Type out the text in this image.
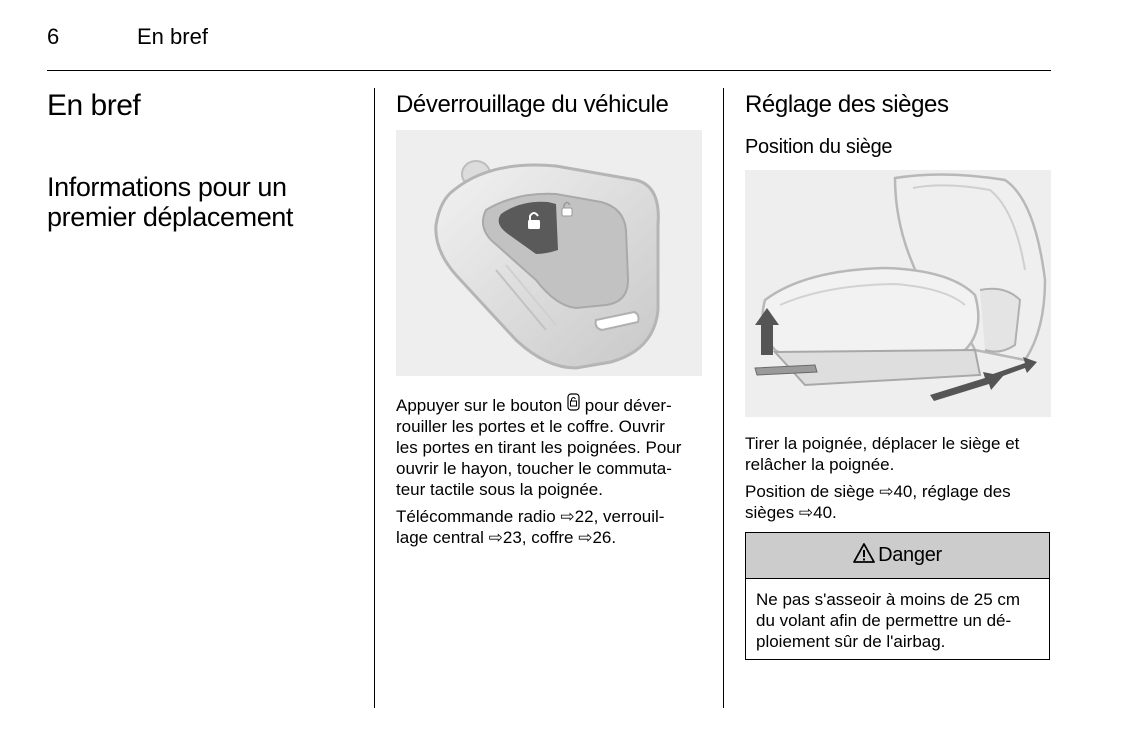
6	En bref
En bref
Informations pour un
premier déplacement
Déverrouillage du véhicule

Appuyer sur le bouton  pour déver-
rouiller les portes et le coffre. Ouvrir
les portes en tirant les poignées. Pour
ouvrir le hayon, toucher le commuta-
teur tactile sous la poignée.

Télécommande radio ⇨22, verrouil-
lage central ⇨23, coffre ⇨26.

Réglage des sièges
Position du siège

Tirer la poignée, déplacer le siège et
relâcher la poignée.

Position de siège ⇨40, réglage des
sièges ⇨40.

Danger
Ne pas s'asseoir à moins de 25 cm
du volant afin de permettre un dé-
ploiement sûr de l'airbag.
